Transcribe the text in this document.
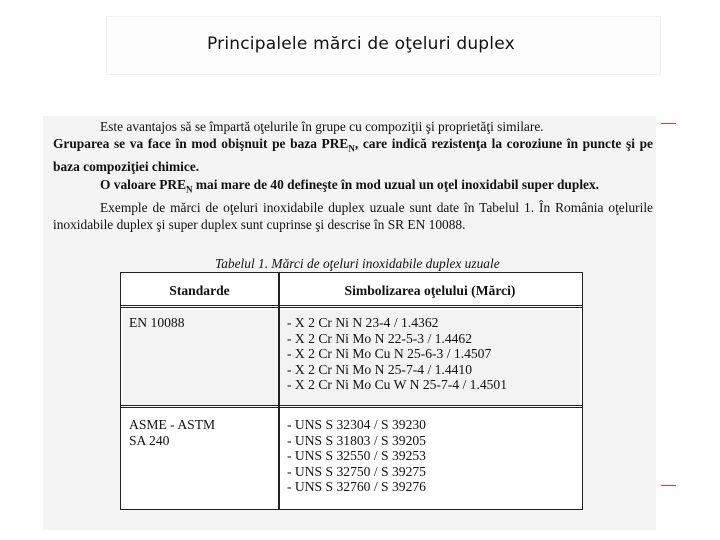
Principalele mărci de oţeluri duplex

Este avantajos să se împartă oţelurile în grupe cu compoziţii şi proprietăţi similare.

Gruparea se va face în mod obişnuit pe baza $PRE_N$, care indică rezistenţa la coroziune în puncte şi pe baza compoziţiei chimice.

O valoare $PRE_N$ mai mare de 40 defineşte în mod uzual un oţel inoxidabil super duplex.

Exemple de mărci de oţeluri inoxidabile duplex uzuale sunt date în Tabelul 1. În România oţelurile inoxidabile duplex şi super duplex sunt cuprinse şi descrise în SR EN 10088.

Tabelul 1. Mărci de oţeluri inoxidabile duplex uzuale
Standarde	Simbolizarea oţelului (Mărci)
EN 10088	- X 2 Cr Ni N 23-4 / 1.4362
- X 2 Cr Ni Mo N 22-5-3 / 1.4462
- X 2 Cr Ni Mo Cu N 25-6-3 / 1.4507
- X 2 Cr Ni Mo N 25-7-4 / 1.4410
- X 2 Cr Ni Mo Cu W N 25-7-4 / 1.4501
ASME - ASTM
SA 240
- UNS S 32304 / S 39230
- UNS S 31803 / S 39205
- UNS S 32550 / S 39253
- UNS S 32750 / S 39275
- UNS S 32760 / S 39276
